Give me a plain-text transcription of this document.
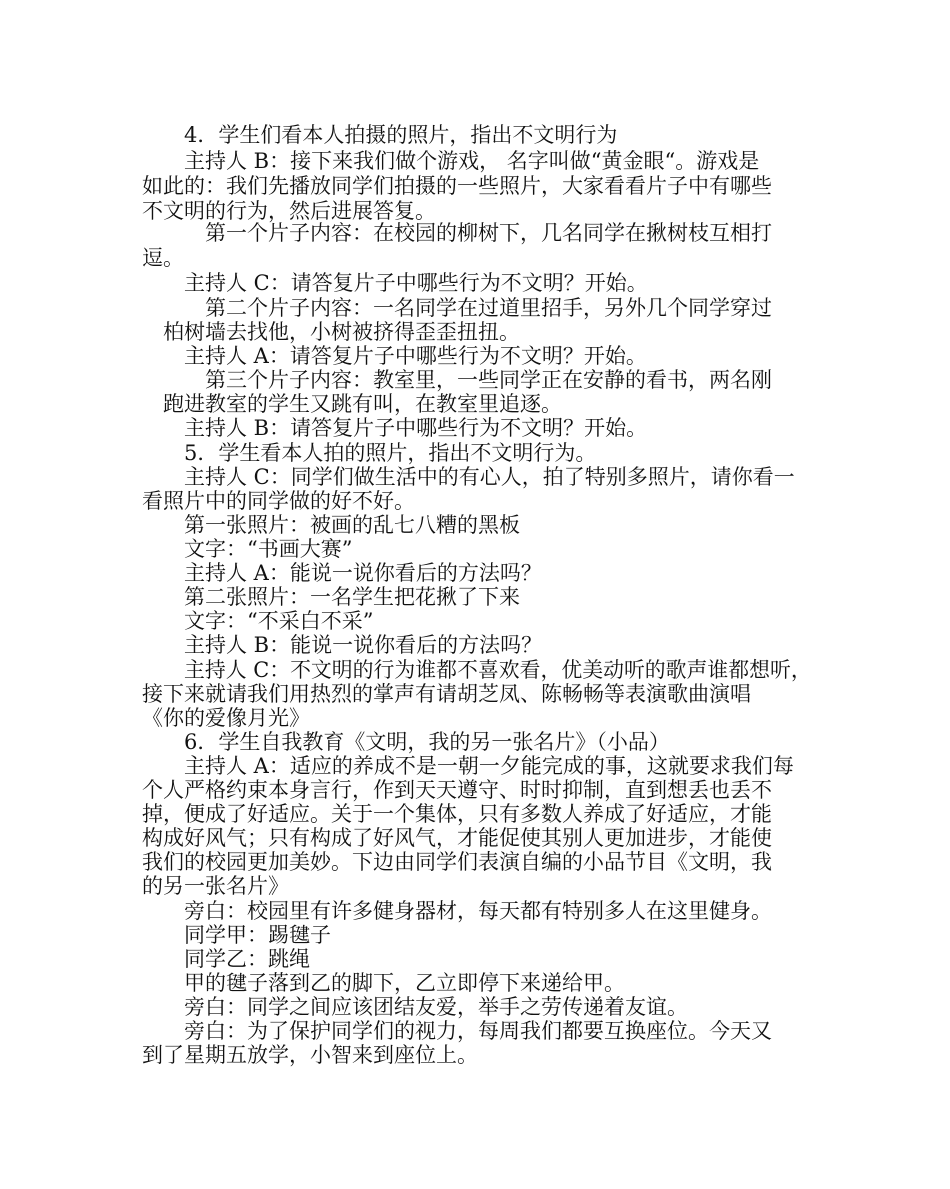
4．学生们看本人拍摄的照片，指出不文明行为
主持人 B：接下来我们做个游戏， 名字叫做“黄金眼“。游戏是
如此的：我们先播放同学们拍摄的一些照片，大家看看片子中有哪些
不文明的行为，然后进展答复。
第一个片子内容：在校园的柳树下，几名同学在揪树枝互相打
逗。
主持人 C：请答复片子中哪些行为不文明？开始。
第二个片子内容：一名同学在过道里招手，另外几个同学穿过
柏树墙去找他，小树被挤得歪歪扭扭。
主持人 A：请答复片子中哪些行为不文明？开始。
第三个片子内容：教室里，一些同学正在安静的看书，两名刚
跑进教室的学生又跳有叫，在教室里追逐。
主持人 B：请答复片子中哪些行为不文明？开始。
5．学生看本人拍的照片，指出不文明行为。
主持人 C：同学们做生活中的有心人，拍了特别多照片，请你看一
看照片中的同学做的好不好。
第一张照片：被画的乱七八糟的黑板
文字：“书画大赛”
主持人 A：能说一说你看后的方法吗？
第二张照片：一名学生把花揪了下来
文字：“不采白不采”
主持人 B：能说一说你看后的方法吗？
主持人 C：不文明的行为谁都不喜欢看，优美动听的歌声谁都想听，
接下来就请我们用热烈的掌声有请胡芝凤、陈畅畅等表演歌曲演唱
《你的爱像月光》
6．学生自我教育《文明，我的另一张名片》（小品）
主持人 A：适应的养成不是一朝一夕能完成的事，这就要求我们每
个人严格约束本身言行，作到天天遵守、时时抑制，直到想丢也丢不
掉，便成了好适应。关于一个集体，只有多数人养成了好适应，才能
构成好风气；只有构成了好风气，才能促使其别人更加进步，才能使
我们的校园更加美妙。下边由同学们表演自编的小品节目《文明，我
的另一张名片》
旁白：校园里有许多健身器材，每天都有特别多人在这里健身。
同学甲：踢毽子
同学乙：跳绳
甲的毽子落到乙的脚下，乙立即停下来递给甲。
旁白：同学之间应该团结友爱，举手之劳传递着友谊。
旁白：为了保护同学们的视力，每周我们都要互换座位。今天又
到了星期五放学，小智来到座位上。
